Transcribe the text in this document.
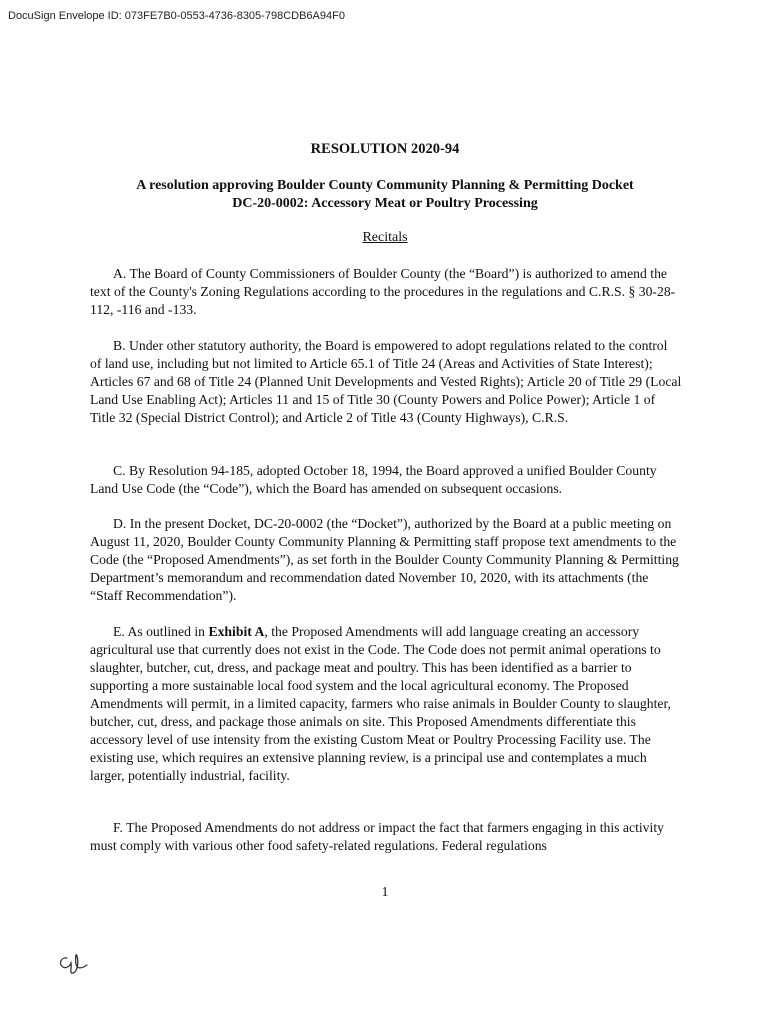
DocuSign Envelope ID: 073FE7B0-0553-4736-8305-798CDB6A94F0
RESOLUTION 2020-94
A resolution approving Boulder County Community Planning & Permitting Docket
DC-20-0002: Accessory Meat or Poultry Processing
Recitals

A. The Board of County Commissioners of Boulder County (the “Board”) is authorized to amend the text of the County's Zoning Regulations according to the procedures in the regulations and C.R.S. § 30-28-112, -116 and -133.

B. Under other statutory authority, the Board is empowered to adopt regulations related to the control of land use, including but not limited to Article 65.1 of Title 24 (Areas and Activities of State Interest); Articles 67 and 68 of Title 24 (Planned Unit Developments and Vested Rights); Article 20 of Title 29 (Local Land Use Enabling Act); Articles 11 and 15 of Title 30 (County Powers and Police Power); Article 1 of Title 32 (Special District Control); and Article 2 of Title 43 (County Highways), C.R.S.

C. By Resolution 94-185, adopted October 18, 1994, the Board approved a unified Boulder County Land Use Code (the “Code”), which the Board has amended on subsequent occasions.

D. In the present Docket, DC-20-0002 (the “Docket”), authorized by the Board at a public meeting on August 11, 2020, Boulder County Community Planning & Permitting staff propose text amendments to the Code (the “Proposed Amendments”), as set forth in the Boulder County Community Planning & Permitting Department’s memorandum and recommendation dated November 10, 2020, with its attachments (the “Staff Recommendation”).

E. As outlined in Exhibit A, the Proposed Amendments will add language creating an accessory agricultural use that currently does not exist in the Code. The Code does not permit animal operations to slaughter, butcher, cut, dress, and package meat and poultry. This has been identified as a barrier to supporting a more sustainable local food system and the local agricultural economy. The Proposed Amendments will permit, in a limited capacity, farmers who raise animals in Boulder County to slaughter, butcher, cut, dress, and package those animals on site. This Proposed Amendments differentiate this accessory level of use intensity from the existing Custom Meat or Poultry Processing Facility use. The existing use, which requires an extensive planning review, is a principal use and contemplates a much larger, potentially industrial, facility.

F. The Proposed Amendments do not address or impact the fact that farmers engaging in this activity must comply with various other food safety-related regulations. Federal regulations

1
